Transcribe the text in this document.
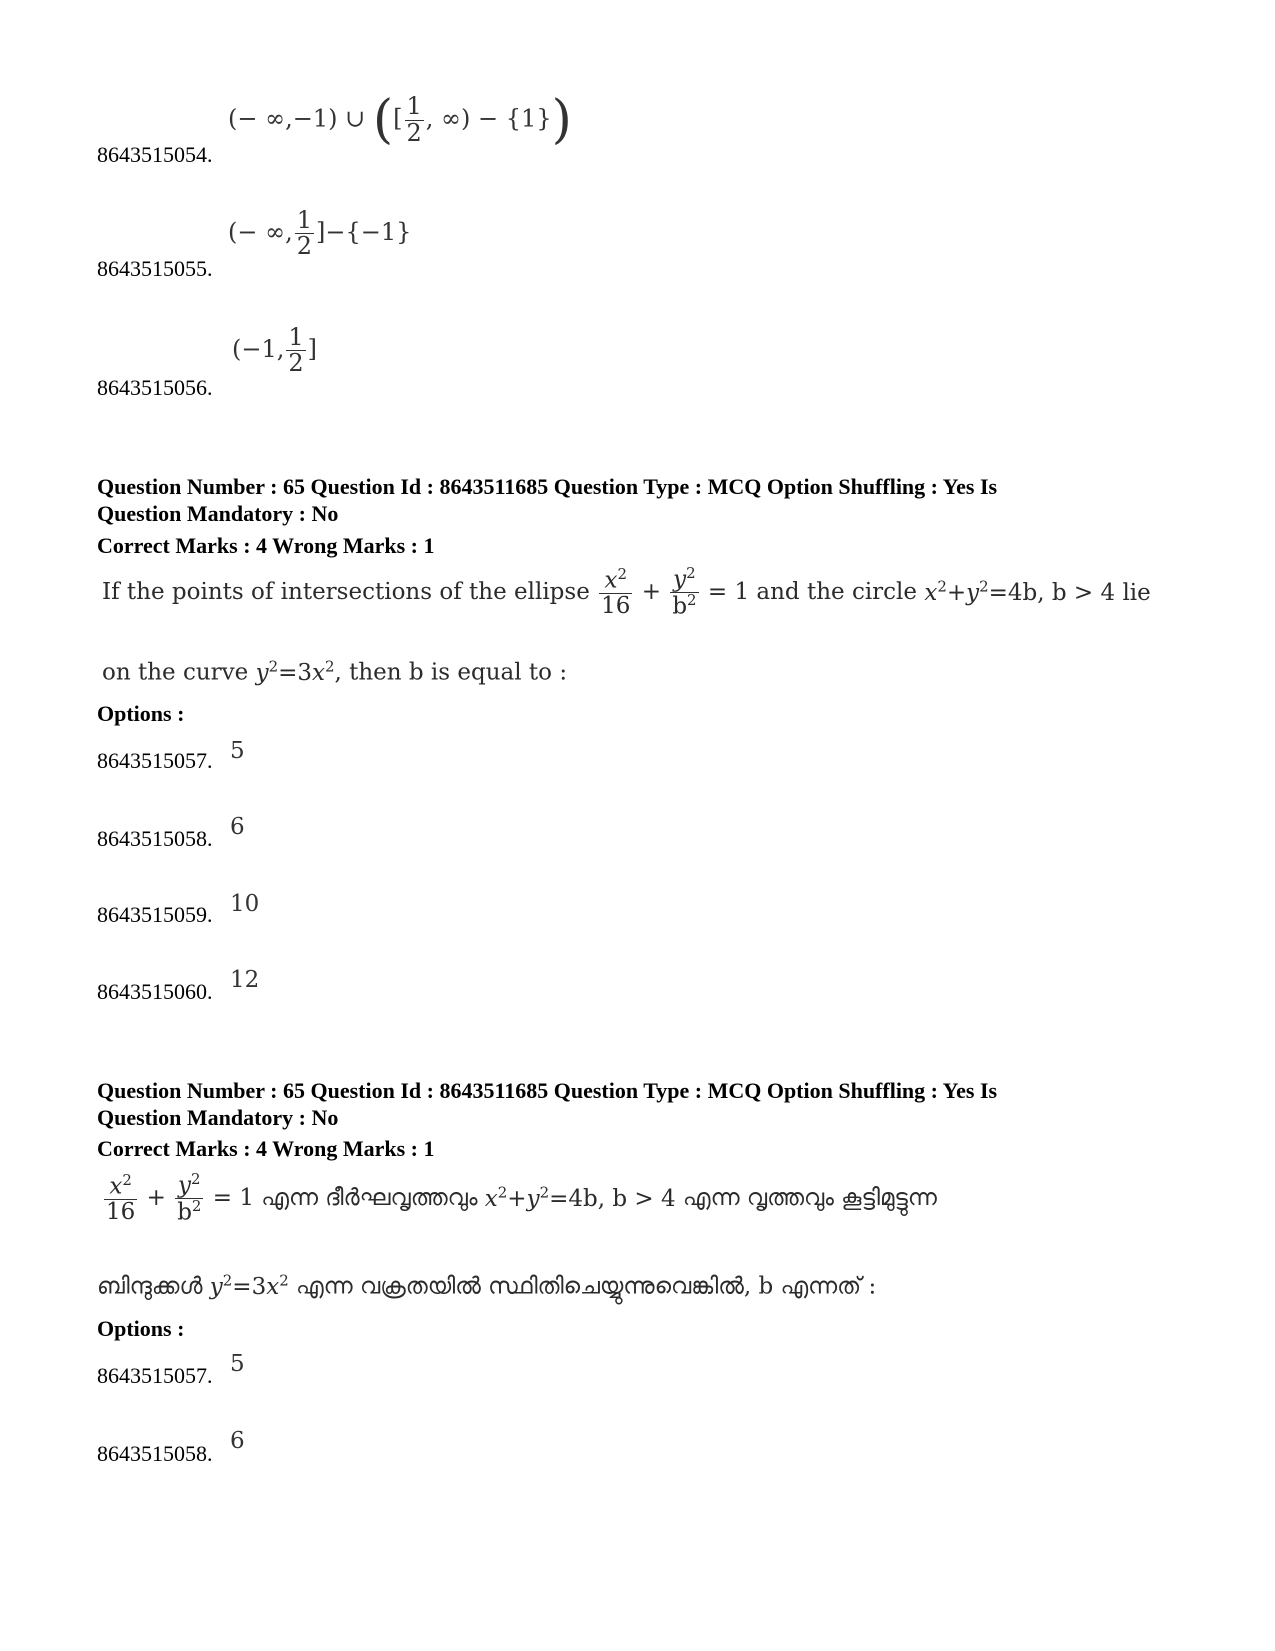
8643515054.
(− ∞,−1) ∪ ([ $\frac{1}{2}$ , ∞) − {1})
8643515055.
(− ∞, $\frac{1}{2} ]-\{-1\}$
8643515056.
(−1, $\frac{1}{2}$ ]
Question Number : 65 Question Id : 8643511685 Question Type : MCQ Option Shuffling : Yes Is
Question Mandatory : No
Correct Marks : 4 Wrong Marks : 1
If the points of intersections of the ellipse $\frac{x^2}{16} + \frac{y^2}{b^2} = 1$ and the circle $x^2+y^2=4b$, b > 4 lie
on the curve $y^2=3x^2$, then b is equal to :
Options :
8643515057. 5
8643515058. 6
8643515059. 10
8643515060. 12
Question Number : 65 Question Id : 8643511685 Question Type : MCQ Option Shuffling : Yes Is
Question Mandatory : No
Correct Marks : 4 Wrong Marks : 1
$\frac{x^2}{16} + \frac{y^2}{b^2} = 1$ എന്ന ദീർഘവൃത്തവും $x^2+y^2=4b$, b > 4 എന്ന വൃത്തവും കൂട്ടിമുട്ടുന്ന
ബിന്ദുക്കൾ $y^2=3x^2$ എന്ന വക്രതയിൽ സ്ഥിതിചെയ്യുന്നുവെങ്കിൽ, b എന്നത് :
Options :
8643515057. 5
8643515058. 6
